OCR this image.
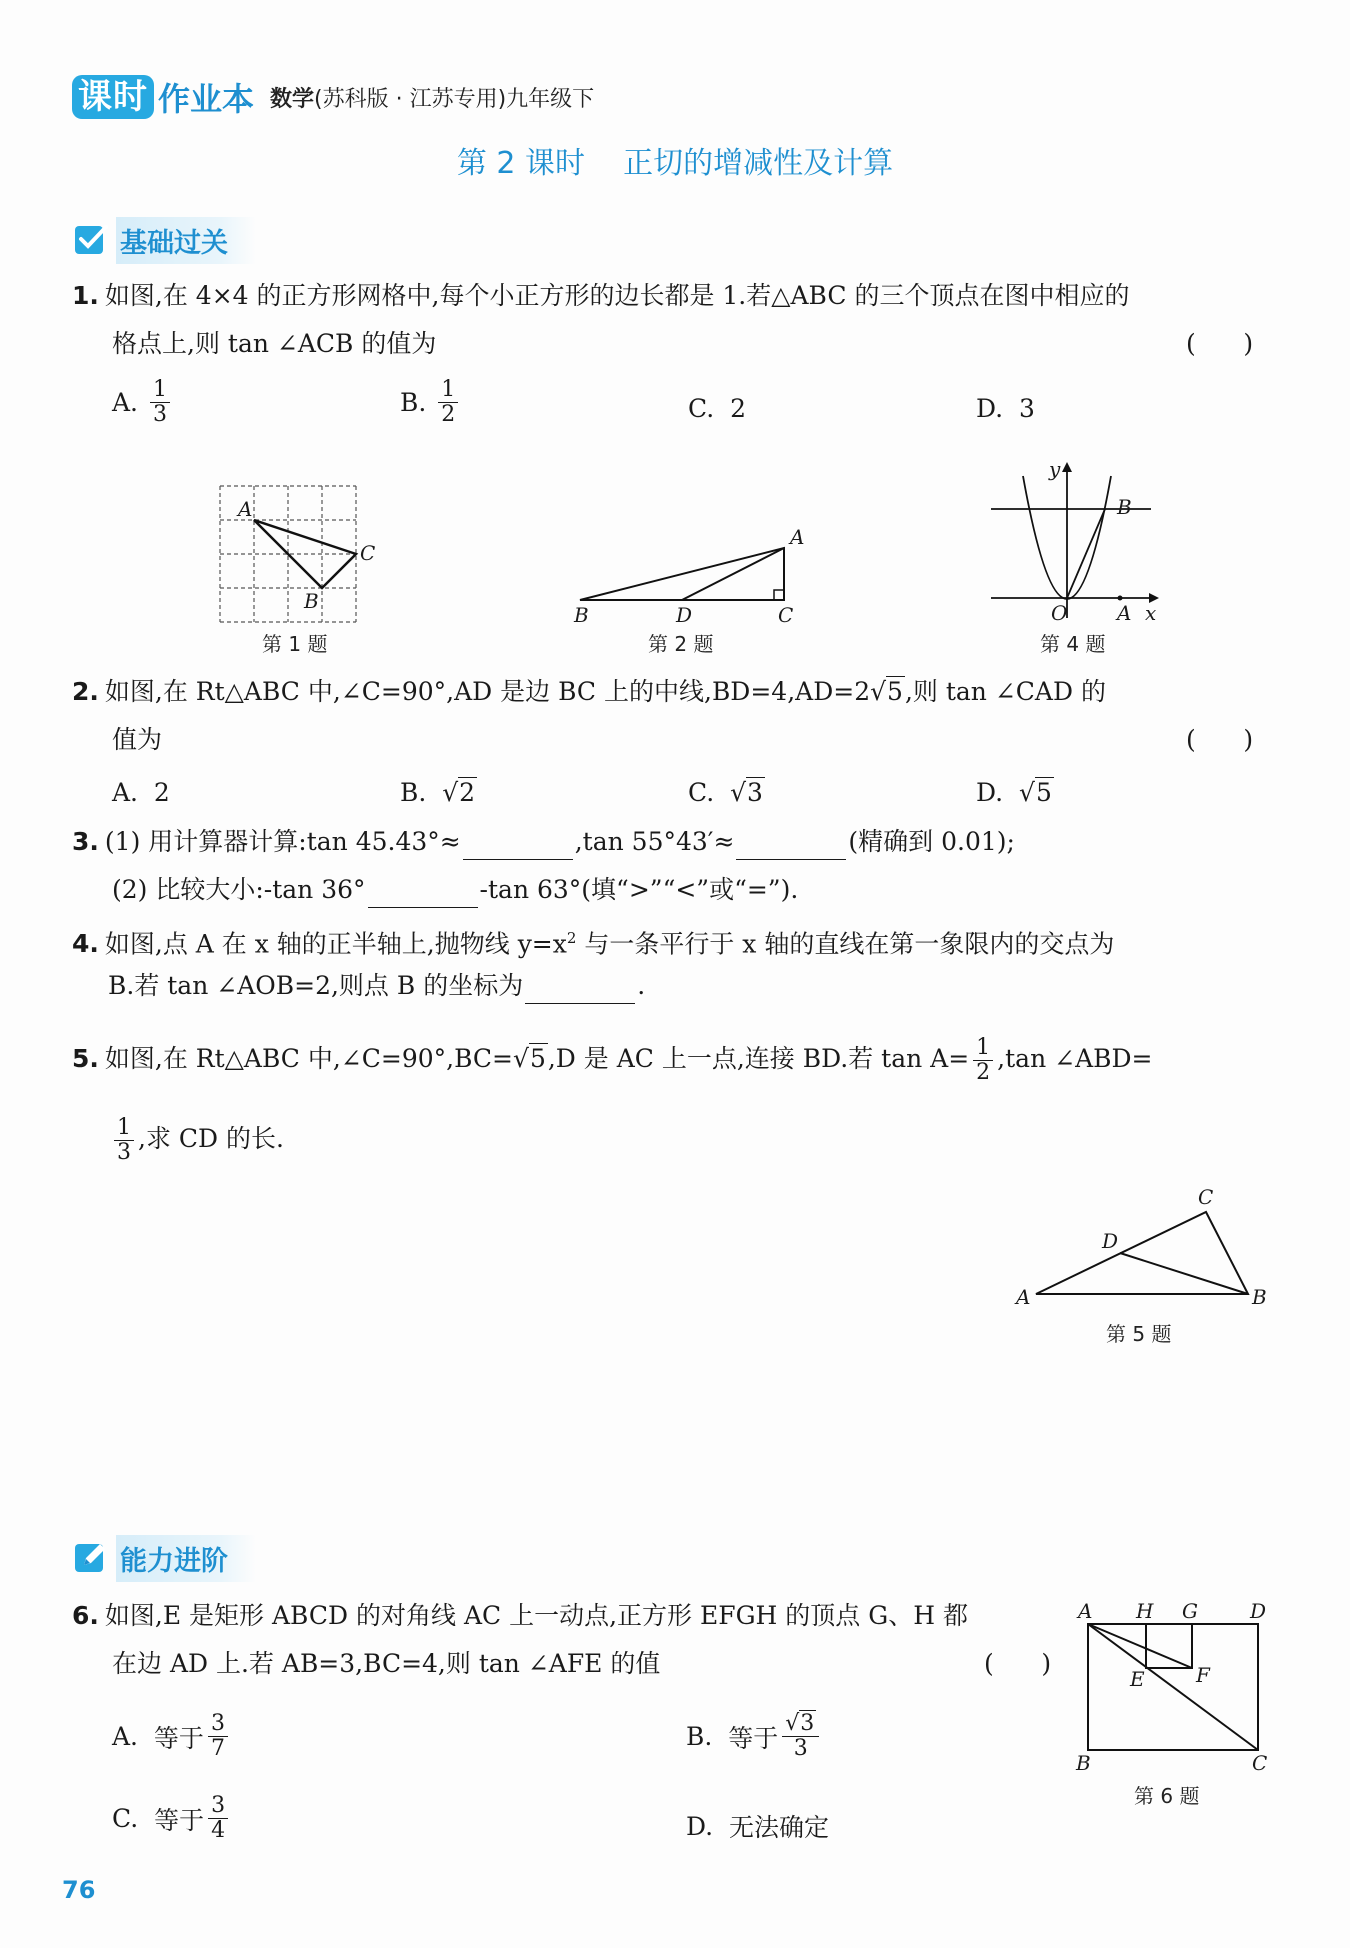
课时 作业本 数学(苏科版 · 江苏专用)九年级下
第 2 课时    正切的增减性及计算
基础过关
1. 如图,在 4×4 的正方形网格中,每个小正方形的边长都是 1.若△ABC 的三个顶点在图中相应的
格点上,则 tan ∠ACB 的值为	(      )
A.
$\frac{1}{3}$	B.
$\frac{1}{2}$	C.
2	D.
3
A
C
B
第 1 题
A
B	D	C
第 2 题
y
B
O A x
第 4 题
2. 如图,在 Rt△ABC 中,∠C=90°,AD 是边 BC 上的中线,BD=4,AD=2√5,则 tan ∠CAD 的
值为	(      )
A.
2	B.
√2	C.
√3	D.
√5
3. (1) 用计算器计算:tan 45.43°≈	,tan 55°43′≈	(精确到 0.01);
(2) 比较大小:-tan 36°	-tan 63°(填“>”“<”或“=”).
4. 如图,点 A 在 x 轴的正半轴上,抛物线 $y=x^2$ 与一条平行于 x 轴的直线在第一象限内的交点为
B.若 tan ∠AOB=2,则点 B 的坐标为	.
5. 如图,在 Rt△ABC 中,∠C=90°,BC=√5,D 是 AC 上一点,连接 BD.若 $\tan A= \frac{1}{2} ,\tan$ ∠ABD=
$\frac{1}{3}$ ,求 CD 的长.
C
D
A	B
第 5 题
能力进阶
6. 如图,E 是矩形 ABCD 的对角线 AC 上一动点,正方形 EFGH 的顶点 G、H 都
在边 AD 上.若 AB=3,BC=4,则 tan ∠AFE 的值	(      )
A.
等于 $\frac{3}{7}$	B.
等于 $\frac{√3}{3}$
C.
等于 $\frac{3}{4}$	D.
无法确定
A H G	D
E	F
B	C
第 6 题
76
